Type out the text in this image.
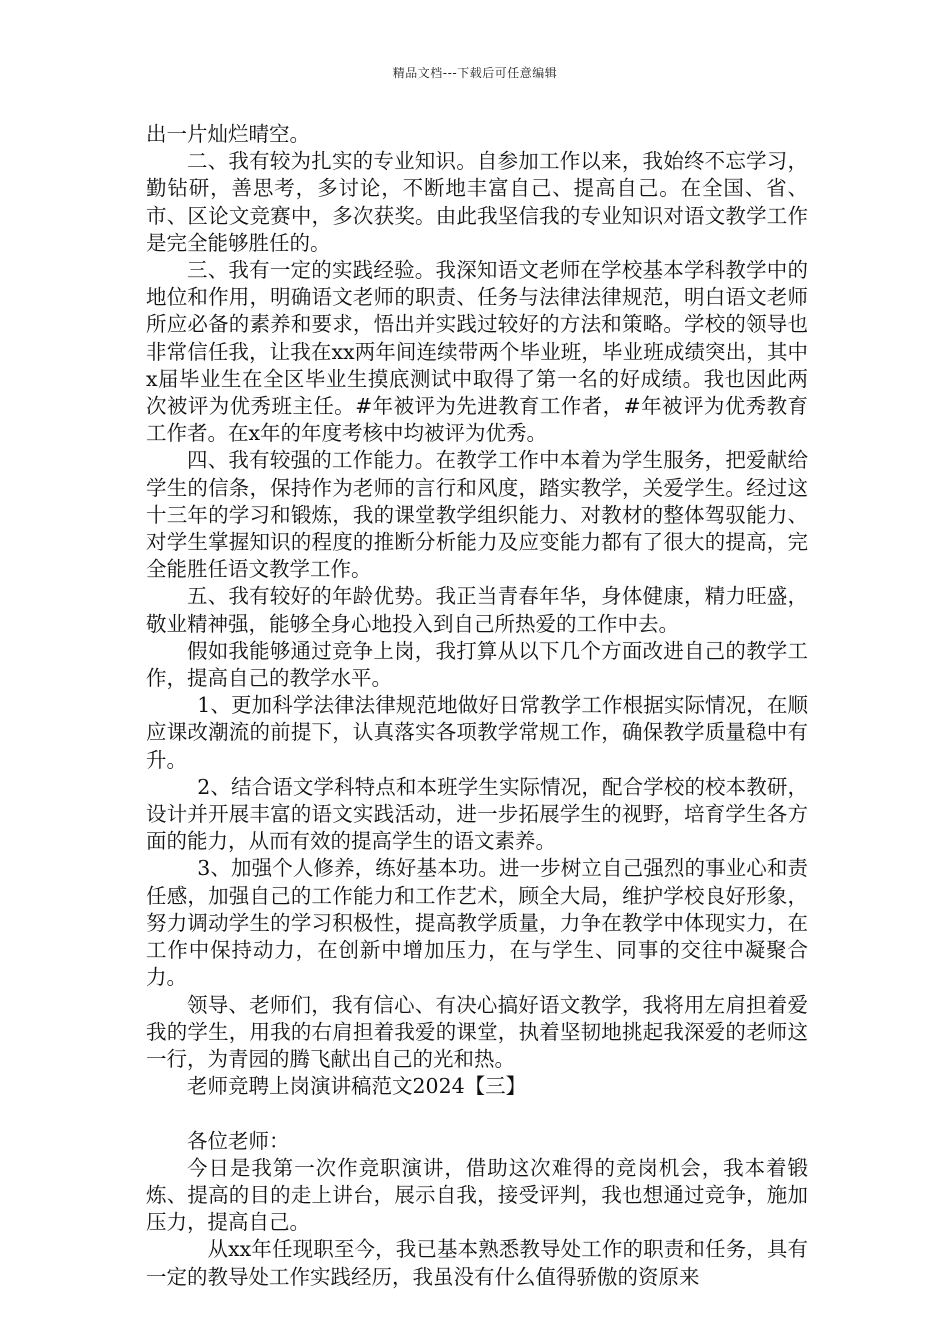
精品文档---下载后可任意编辑

出一片灿烂晴空。

二、我有较为扎实的专业知识。自参加工作以来，我始终不忘学习，勤钻研，善思考，多讨论，不断地丰富自己、提高自己。在全国、省、市、区论文竞赛中，多次获奖。由此我坚信我的专业知识对语文教学工作是完全能够胜任的。

三、我有一定的实践经验。我深知语文老师在学校基本学科教学中的地位和作用，明确语文老师的职责、任务与法律法律规范，明白语文老师所应必备的素养和要求，悟出并实践过较好的方法和策略。学校的领导也非常信任我，让我在xx两年间连续带两个毕业班，毕业班成绩突出，其中x届毕业生在全区毕业生摸底测试中取得了第一名的好成绩。我也因此两次被评为优秀班主任。#年被评为先进教育工作者，#年被评为优秀教育工作者。在x年的年度考核中均被评为优秀。

四、我有较强的工作能力。在教学工作中本着为学生服务，把爱献给学生的信条，保持作为老师的言行和风度，踏实教学，关爱学生。经过这十三年的学习和锻炼，我的课堂教学组织能力、对教材的整体驾驭能力、对学生掌握知识的程度的推断分析能力及应变能力都有了很大的提高，完全能胜任语文教学工作。

五、我有较好的年龄优势。我正当青春年华，身体健康，精力旺盛，敬业精神强，能够全身心地投入到自己所热爱的工作中去。

假如我能够通过竞争上岗，我打算从以下几个方面改进自己的教学工作，提高自己的教学水平。

1、更加科学法律法律规范地做好日常教学工作根据实际情况，在顺应课改潮流的前提下，认真落实各项教学常规工作，确保教学质量稳中有升。

2、结合语文学科特点和本班学生实际情况，配合学校的校本教研，设计并开展丰富的语文实践活动，进一步拓展学生的视野，培育学生各方面的能力，从而有效的提高学生的语文素养。

3、加强个人修养，练好基本功。进一步树立自己强烈的事业心和责任感，加强自己的工作能力和工作艺术，顾全大局，维护学校良好形象，努力调动学生的学习积极性，提高教学质量，力争在教学中体现实力，在工作中保持动力，在创新中增加压力，在与学生、同事的交往中凝聚合力。

领导、老师们，我有信心、有决心搞好语文教学，我将用左肩担着爱我的学生，用我的右肩担着我爱的课堂，执着坚韧地挑起我深爱的老师这一行，为青园的腾飞献出自己的光和热。

老师竞聘上岗演讲稿范文2024【三】

各位老师：

今日是我第一次作竞职演讲，借助这次难得的竞岗机会，我本着锻炼、提高的目的走上讲台，展示自我，接受评判，我也想通过竞争，施加压力，提高自己。

从xx年任现职至今，我已基本熟悉教导处工作的职责和任务，具有一定的教导处工作实践经历，我虽没有什么值得骄傲的资原来
